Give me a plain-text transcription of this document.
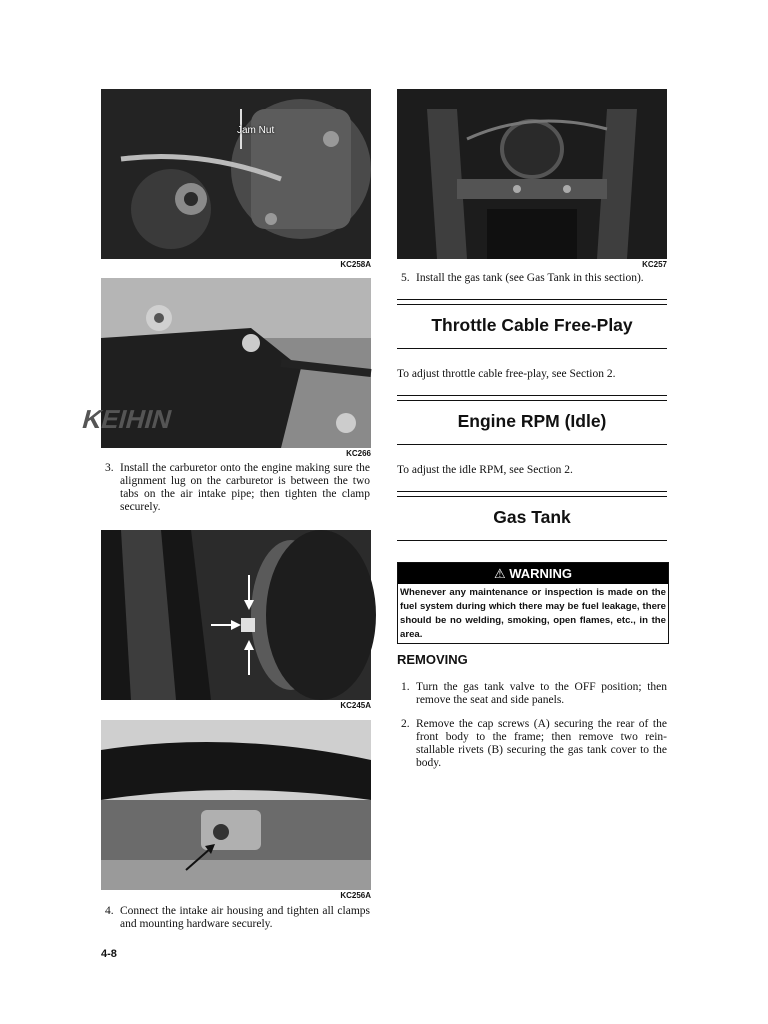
Jam Nut
KC258A
KEIHIN
KC266
3. Install the carburetor onto the engine making sure the alignment lug on the carburetor is between the two tabs on the air intake pipe; then tighten the clamp securely.
KC245A
KC256A
4. Connect the intake air housing and tighten all clamps and mounting hardware securely.
4-8
KC257
5. Install the gas tank (see Gas Tank in this section).
Throttle Cable Free-Play
To adjust throttle cable free-play, see Section 2.
Engine RPM (Idle)
To adjust the idle RPM, see Section 2.
Gas Tank
⚠ WARNING
Whenever any maintenance or inspection is made on the fuel system during which there may be fuel leakage, there should be no welding, smoking, open flames, etc., in the area.
REMOVING
1. Turn the gas tank valve to the OFF position; then remove the seat and side panels.
2. Remove the cap screws (A) securing the rear of the front body to the frame; then remove two rein-stallable rivets (B) securing the gas tank cover to the body.
